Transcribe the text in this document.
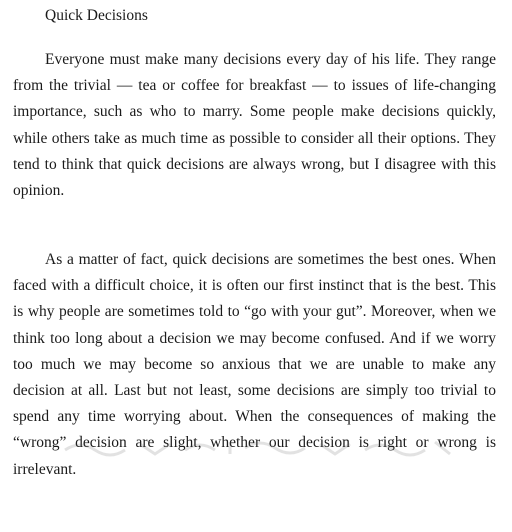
Quick Decisions

Everyone must make many decisions every day of his life. They range from the trivial — tea or coffee for breakfast — to issues of life-changing importance, such as who to marry. Some people make decisions quickly, while others take as much time as possible to consider all their options. They tend to think that quick decisions are always wrong, but I disagree with this opinion.

As a matter of fact, quick decisions are sometimes the best ones. When faced with a difficult choice, it is often our first instinct that is the best. This is why people are sometimes told to “go with your gut”. Moreover, when we think too long about a decision we may become confused. And if we worry too much we may become so anxious that we are unable to make any decision at all. Last but not least, some decisions are simply too trivial to spend any time worrying about. When the consequences of making the “wrong” decision are slight, whether our decision is right or wrong is irrelevant.
